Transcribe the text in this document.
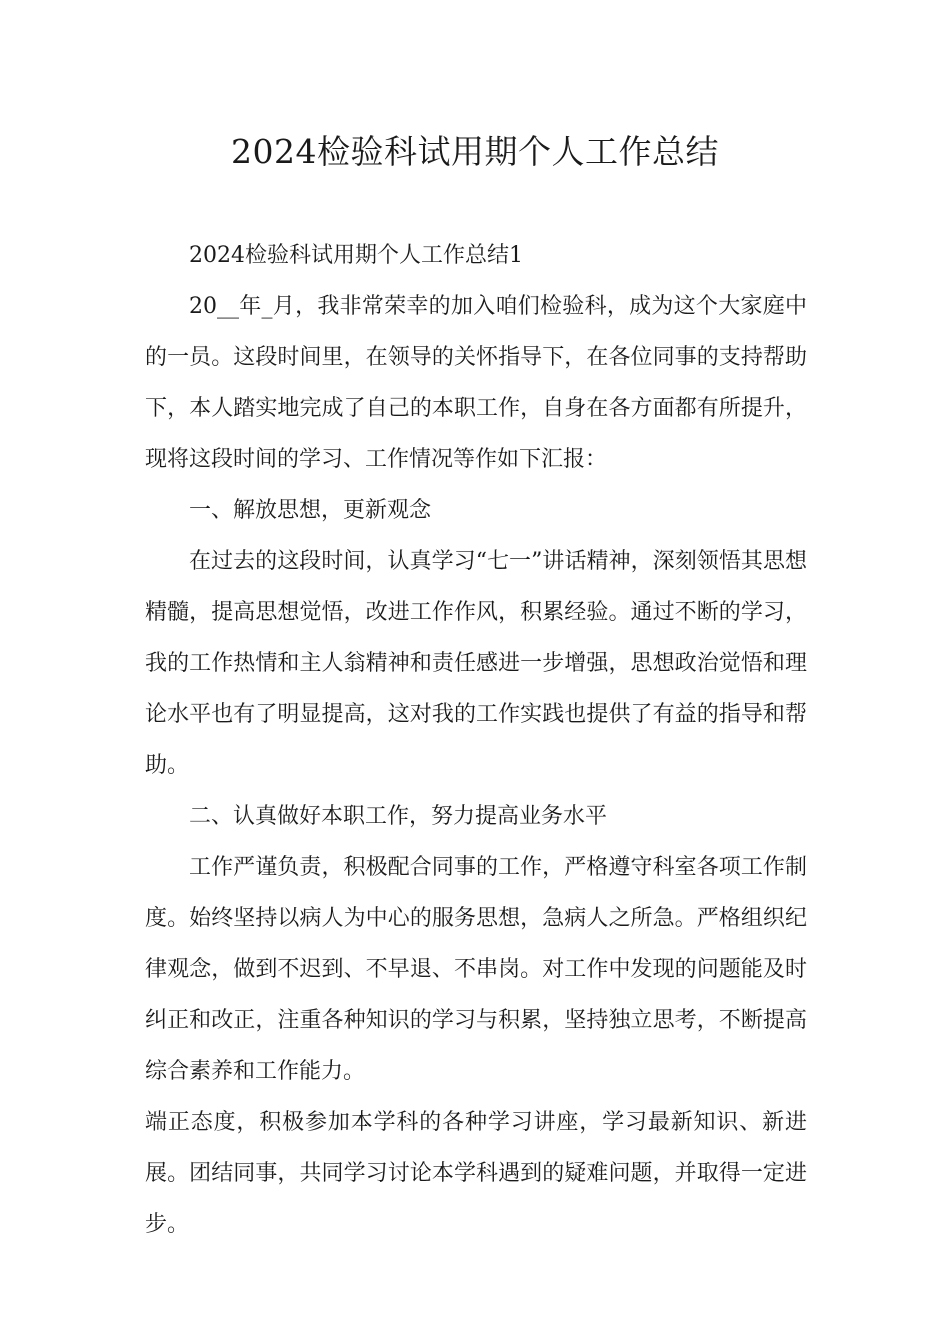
2024检验科试用期个人工作总结

2024检验科试用期个人工作总结1

20__年_月，我非常荣幸的加入咱们检验科，成为这个大家庭中的一员。这段时间里，在领导的关怀指导下，在各位同事的支持帮助下，本人踏实地完成了自己的本职工作，自身在各方面都有所提升，现将这段时间的学习、工作情况等作如下汇报：

一、解放思想，更新观念

在过去的这段时间，认真学习“七一”讲话精神，深刻领悟其思想精髓，提高思想觉悟，改进工作作风，积累经验。通过不断的学习，我的工作热情和主人翁精神和责任感进一步增强，思想政治觉悟和理论水平也有了明显提高，这对我的工作实践也提供了有益的指导和帮助。

二、认真做好本职工作，努力提高业务水平

工作严谨负责，积极配合同事的工作，严格遵守科室各项工作制度。始终坚持以病人为中心的服务思想，急病人之所急。严格组织纪律观念，做到不迟到、不早退、不串岗。对工作中发现的问题能及时纠正和改正，注重各种知识的学习与积累，坚持独立思考，不断提高综合素养和工作能力。

端正态度，积极参加本学科的各种学习讲座，学习最新知识、新进展。团结同事，共同学习讨论本学科遇到的疑难问题，并取得一定进步。
